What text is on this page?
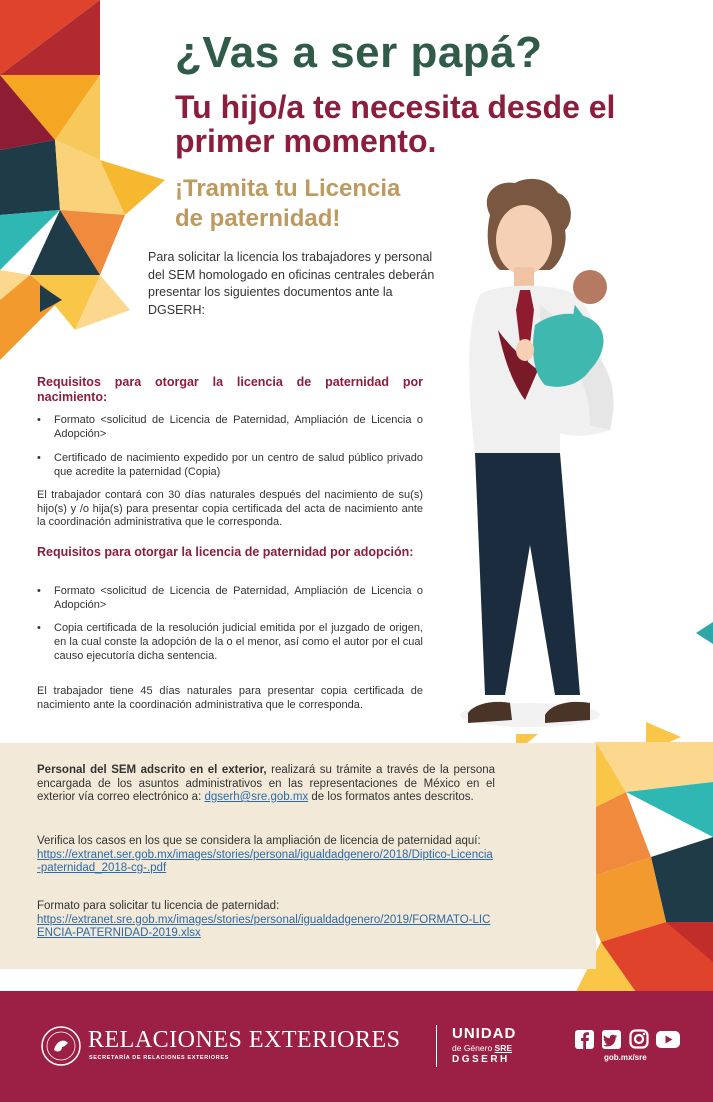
¿Vas a ser papá?
Tu hijo/a te necesita desde el primer momento.
¡Tramita tu Licencia
de paternidad!
Para solicitar la licencia los trabajadores y personal del SEM homologado en oficinas centrales deberán presentar los siguientes documentos ante la DGSERH:
Requisitos para otorgar la licencia de paternidad por nacimiento:
• Formato <solicitud de Licencia de Paternidad, Ampliación de Licencia o Adopción>
• Certificado de nacimiento expedido por un centro de salud público privado que acredite la paternidad (Copia)
El trabajador contará con 30 días naturales después del nacimiento de su(s) hijo(s) y /o hija(s) para presentar copia certificada del acta de nacimiento ante la coordinación administrativa que le corresponda.
Requisitos para otorgar la licencia de paternidad por adopción:
• Formato <solicitud de Licencia de Paternidad, Ampliación de Licencia o Adopción>
• Copia certificada de la resolución judicial emitida por el juzgado de origen, en la cual conste la adopción de la o el menor, así como el autor por el cual causo ejecutoría dicha sentencia.
El trabajador tiene 45 días naturales para presentar copia certificada de nacimiento ante la coordinación administrativa que le corresponda.
Personal del SEM adscrito en el exterior, realizará su trámite a través de la persona encargada de los asuntos administrativos en las representaciones de México en el exterior vía correo electrónico a: dgserh@sre.gob.mx de los formatos antes descritos.
Verifica los casos en los que se considera la ampliación de licencia de paternidad aquí:
https://extranet.ser.gob.mx/images/stories/personal/igualdadgenero/2018/Diptico-Licencia-paternidad_2018-cg-.pdf
Formato para solicitar tu licencia de paternidad:
https://extranet.sre.gob.mx/images/stories/personal/igualdadgenero/2019/FORMATO-LICENCIA-PATERNIDAD-2019.xlsx
RELACIONES EXTERIORES
SECRETARÍA DE RELACIONES EXTERIORES
UNIDAD
de Género SRE
DGSERH	gob.mx/sre
